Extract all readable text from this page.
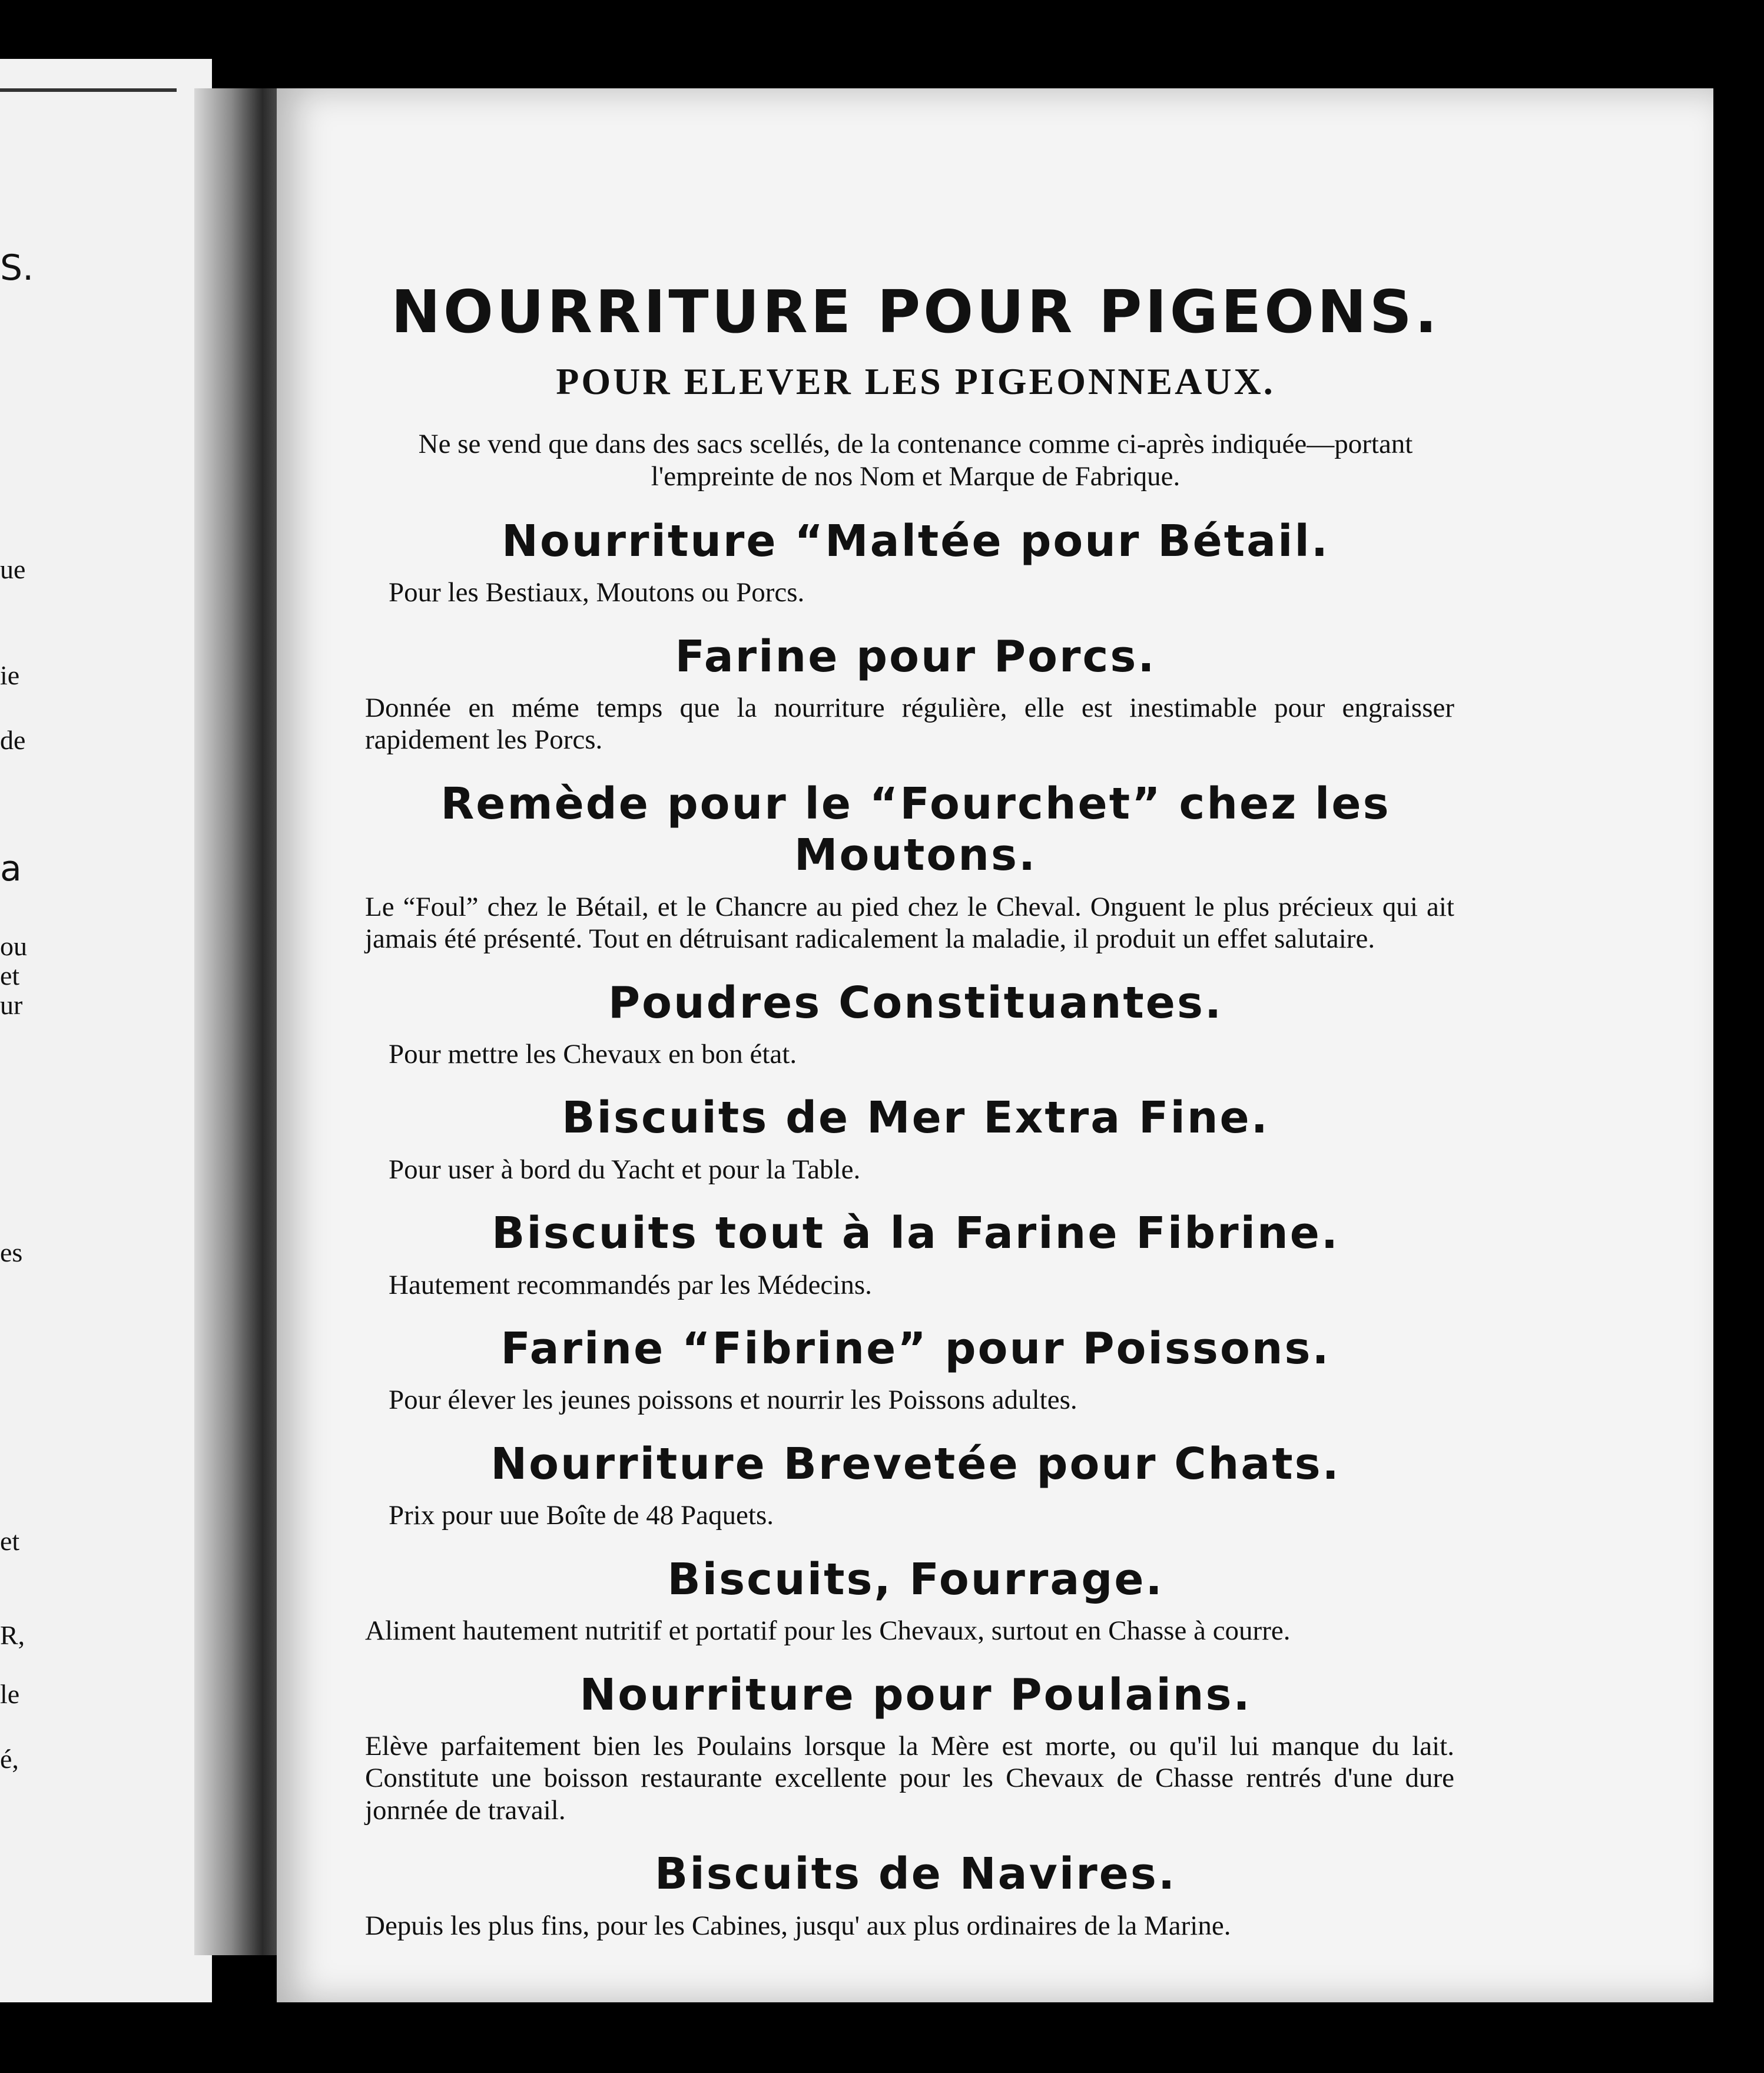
S.
ue
ie
de
a
ou
et
ur
es
et
R,
le
é,
NOURRITURE POUR PIGEONS.
POUR ELEVER LES PIGEONNEAUX.

Ne se vend que dans des sacs scellés, de la contenance comme ci-après indiquée—portant l'empreinte de nos Nom et Marque de Fabrique.

Nourriture “Maltée pour Bétail.

Pour les Bestiaux, Moutons ou Porcs.

Farine pour Porcs.

Donnée en méme temps que la nourriture régulière, elle est inestimable pour engraisser rapidement les Porcs.

Remède pour le “Fourchet” chez les Moutons.

Le “Foul” chez le Bétail, et le Chancre au pied chez le Cheval. Onguent le plus précieux qui ait jamais été présenté. Tout en détruisant radicalement la maladie, il produit un effet salutaire.

Poudres Constituantes.

Pour mettre les Chevaux en bon état.

Biscuits de Mer Extra Fine.

Pour user à bord du Yacht et pour la Table.

Biscuits tout à la Farine Fibrine.

Hautement recommandés par les Médecins.

Farine “Fibrine” pour Poissons.

Pour élever les jeunes poissons et nourrir les Poissons adultes.

Nourriture Brevetée pour Chats.

Prix pour uue Boîte de 48 Paquets.

Biscuits, Fourrage.

Aliment hautement nutritif et portatif pour les Chevaux, surtout en Chasse à courre.

Nourriture pour Poulains.

Elève parfaitement bien les Poulains lorsque la Mère est morte, ou qu'il lui manque du lait. Constitute une boisson restaurante excellente pour les Chevaux de Chasse rentrés d'une dure jonrnée de travail.

Biscuits de Navires.

Depuis les plus fins, pour les Cabines, jusqu' aux plus ordinaires de la Marine.
